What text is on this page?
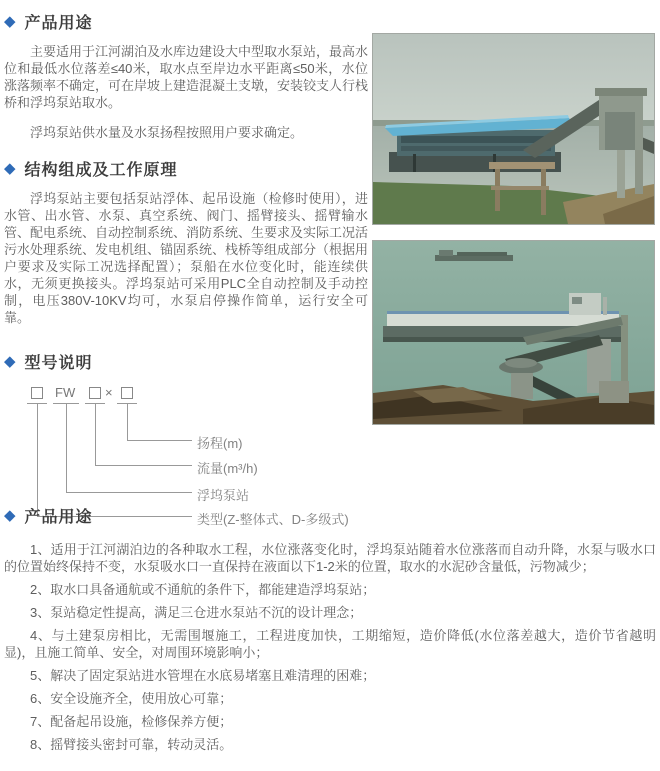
◆ 产品用途

主要适用于江河湖泊及水库边建设大中型取水泵站，最高水位和最低水位落差≤40米，取水点至岸边水平距离≤50米，水位涨落频率不确定，可在岸坡上建造混凝土支墩，安装铰支人行栈桥和浮坞泵站取水。

浮坞泵站供水量及水泵扬程按照用户要求确定。

◆ 结构组成及工作原理

浮坞泵站主要包括泵站浮体、起吊设施（检修时使用），进水管、出水管、水泵、真空系统、阀门、摇臂接头、摇臂输水管、配电系统、自动控制系统、消防系统、生要求及实际工况活污水处理系统、发电机组、锚固系统、栈桥等组成部分（根据用户要求及实际工况选择配置）；泵船在水位变化时，能连续供水，无须更换接头。浮坞泵站可采用PLC全自动控制及手动控制，电压380V-10KV均可，水泵启停操作简单，运行安全可靠。

◆ 型号说明
FW ×
扬程(m)
流量(m³/h)
浮坞泵站
类型(Z-整体式、D-多级式)
◆ 产品用途

1、适用于江河湖泊边的各种取水工程，水位涨落变化时，浮坞泵站随着水位涨落而自动升降，水泵与吸水口的位置始终保持不变，水泵吸水口一直保持在液面以下1-2米的位置，取水的水泥砂含量低，污物减少；

2、取水口具备通航或不通航的条件下，都能建造浮坞泵站；

3、泵站稳定性提高，满足三仓进水泵站不沉的设计理念；

4、与土建泵房相比，无需围堰施工，工程进度加快，工期缩短，造价降低(水位落差越大，造价节省越明显)，且施工简单、安全，对周围环境影响小；

5、解决了固定泵站进水管埋在水底易堵塞且难清理的困难；

6、安全设施齐全，使用放心可靠；

7、配备起吊设施，检修保养方便；

8、摇臂接头密封可靠，转动灵活。
